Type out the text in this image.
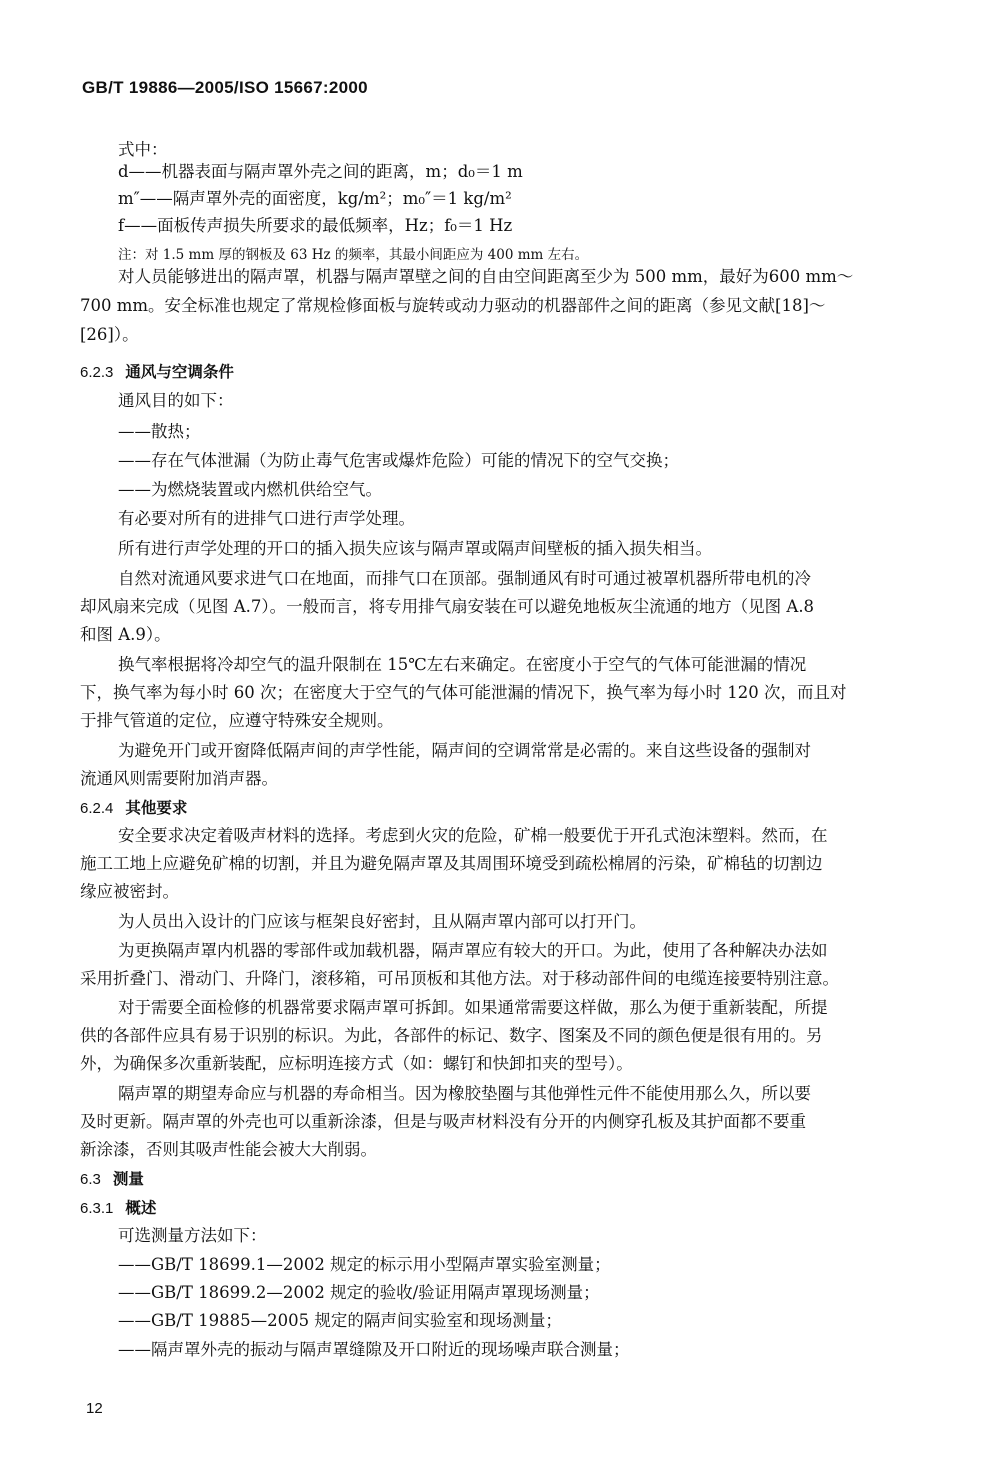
GB/T 19886—2005/ISO 15667:2000
式中：
d——机器表面与隔声罩外壳之间的距离，m；d₀＝1 m
m″——隔声罩外壳的面密度，kg/m²；m₀″＝1 kg/m²
f——面板传声损失所要求的最低频率，Hz；f₀＝1 Hz
注：对 1.5 mm 厚的钢板及 63 Hz 的频率，其最小间距应为 400 mm 左右。
对人员能够进出的隔声罩，机器与隔声罩壁之间的自由空间距离至少为 500 mm，最好为600 mm～
700 mm。安全标准也规定了常规检修面板与旋转或动力驱动的机器部件之间的距离（参见文献[18]～
[26]）。
6.2.3 通风与空调条件
通风目的如下：
——散热；
——存在气体泄漏（为防止毒气危害或爆炸危险）可能的情况下的空气交换；
——为燃烧装置或内燃机供给空气。
有必要对所有的进排气口进行声学处理。
所有进行声学处理的开口的插入损失应该与隔声罩或隔声间壁板的插入损失相当。
自然对流通风要求进气口在地面，而排气口在顶部。强制通风有时可通过被罩机器所带电机的冷
却风扇来完成（见图 A.7）。一般而言，将专用排气扇安装在可以避免地板灰尘流通的地方（见图 A.8
和图 A.9）。
换气率根据将冷却空气的温升限制在 15℃左右来确定。在密度小于空气的气体可能泄漏的情况
下，换气率为每小时 60 次；在密度大于空气的气体可能泄漏的情况下，换气率为每小时 120 次，而且对
于排气管道的定位，应遵守特殊安全规则。
为避免开门或开窗降低隔声间的声学性能，隔声间的空调常常是必需的。来自这些设备的强制对
流通风则需要附加消声器。
6.2.4 其他要求
安全要求决定着吸声材料的选择。考虑到火灾的危险，矿棉一般要优于开孔式泡沫塑料。然而，在
施工工地上应避免矿棉的切割，并且为避免隔声罩及其周围环境受到疏松棉屑的污染，矿棉毡的切割边
缘应被密封。
为人员出入设计的门应该与框架良好密封，且从隔声罩内部可以打开门。
为更换隔声罩内机器的零部件或加载机器，隔声罩应有较大的开口。为此，使用了各种解决办法如
采用折叠门、滑动门、升降门，滚移箱，可吊顶板和其他方法。对于移动部件间的电缆连接要特别注意。
对于需要全面检修的机器常要求隔声罩可拆卸。如果通常需要这样做，那么为便于重新装配，所提
供的各部件应具有易于识别的标识。为此，各部件的标记、数字、图案及不同的颜色便是很有用的。另
外，为确保多次重新装配，应标明连接方式（如：螺钉和快卸扣夹的型号）。
隔声罩的期望寿命应与机器的寿命相当。因为橡胶垫圈与其他弹性元件不能使用那么久，所以要
及时更新。隔声罩的外壳也可以重新涂漆，但是与吸声材料没有分开的内侧穿孔板及其护面都不要重
新涂漆，否则其吸声性能会被大大削弱。
6.3 测量
6.3.1 概述
可选测量方法如下：
——GB/T 18699.1—2002 规定的标示用小型隔声罩实验室测量；
——GB/T 18699.2—2002 规定的验收/验证用隔声罩现场测量；
——GB/T 19885—2005 规定的隔声间实验室和现场测量；
——隔声罩外壳的振动与隔声罩缝隙及开口附近的现场噪声联合测量；
12
